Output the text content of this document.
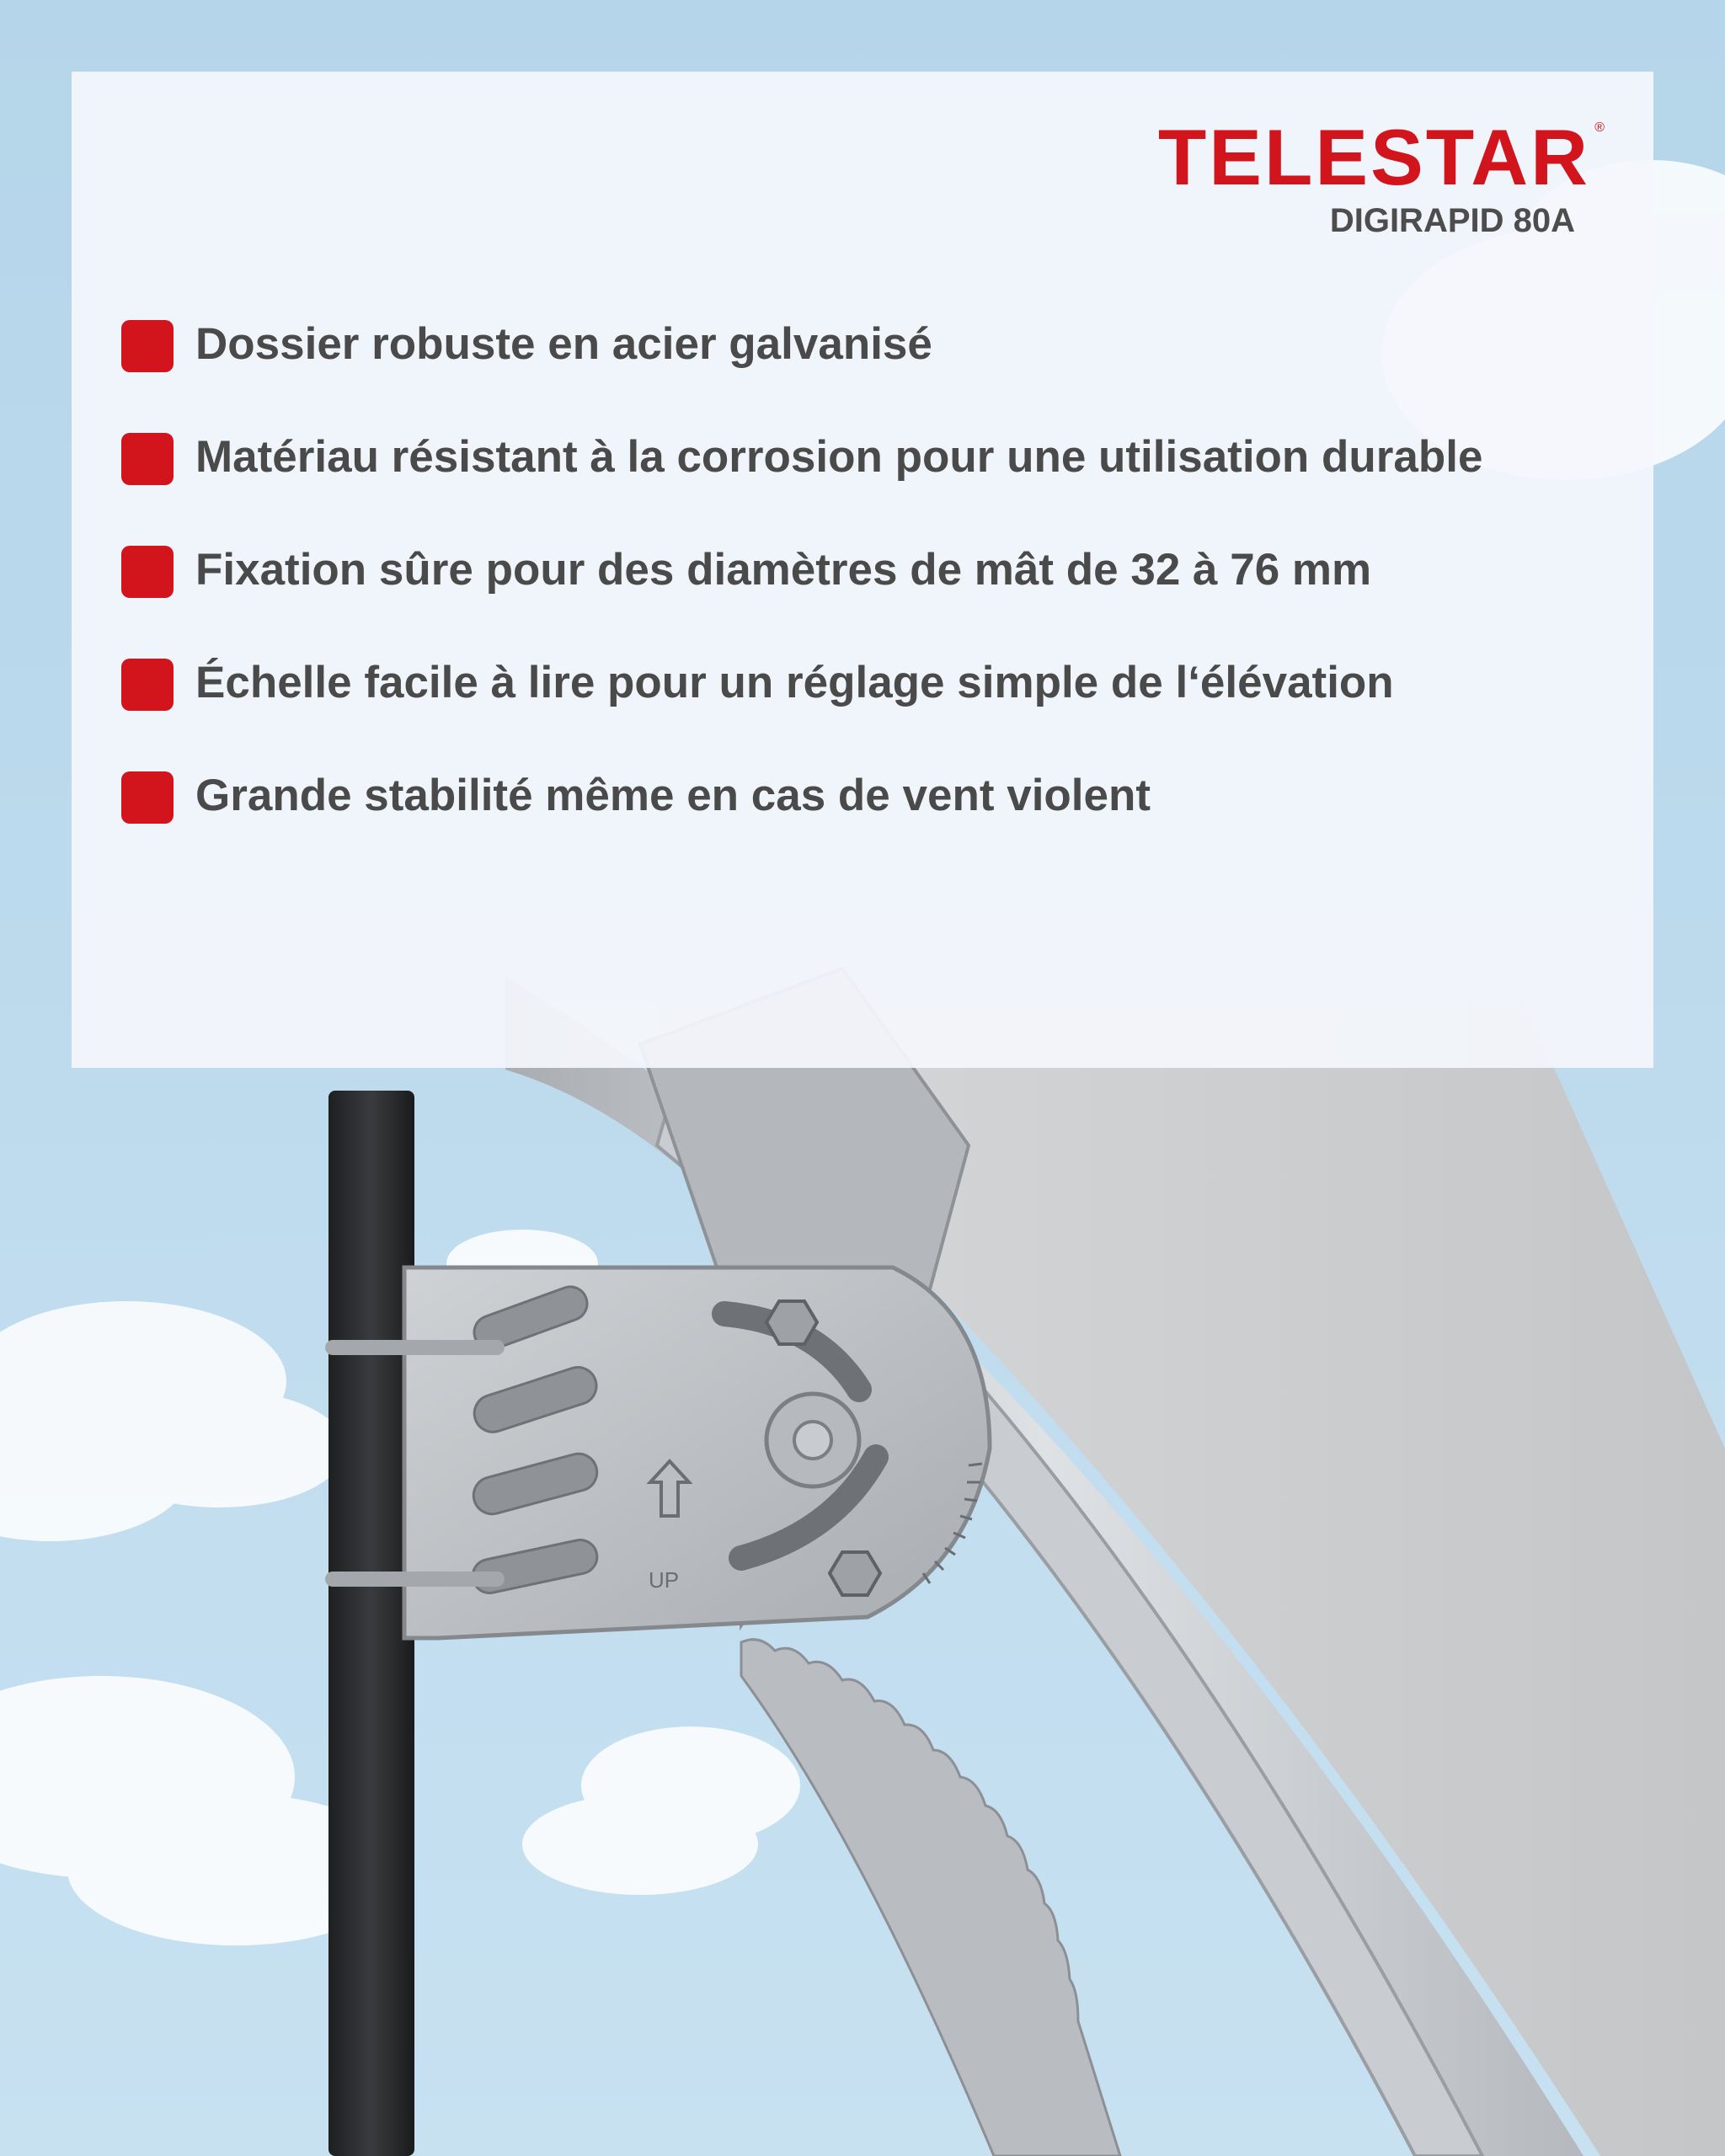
UP
TELESTAR ®
DIGIRAPID 80A
Dossier robuste en acier galvanisé
Matériau résistant à la corrosion pour une utilisation durable
Fixation sûre pour des diamètres de mât de 32 à 76 mm
Échelle facile à lire pour un réglage simple de l‘élévation
Grande stabilité même en cas de vent violent
